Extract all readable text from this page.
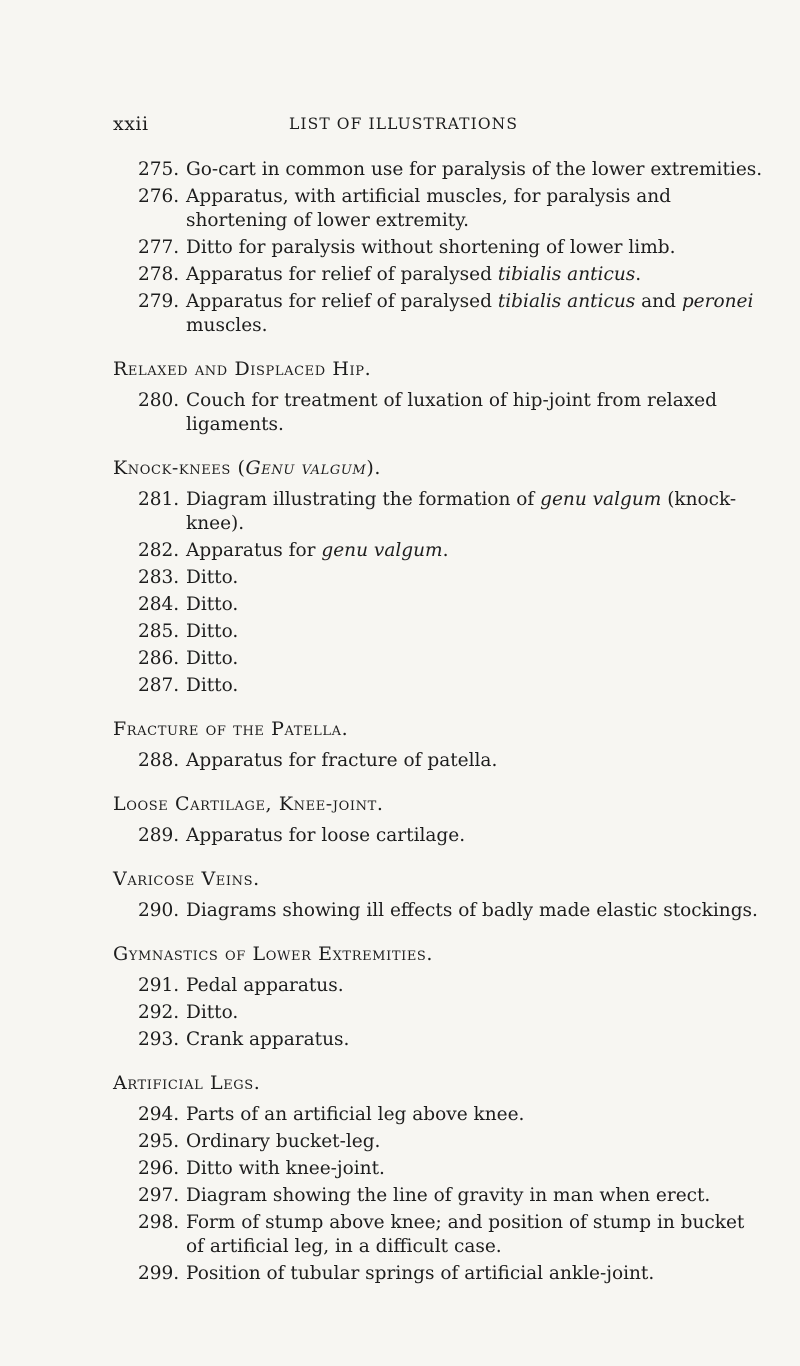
xxii	LIST OF ILLUSTRATIONS
275. Go-cart in common use for paralysis of the lower extremities.
276. Apparatus, with artificial muscles, for paralysis and shortening of lower extremity.
277. Ditto for paralysis without shortening of lower limb.
278. Apparatus for relief of paralysed tibialis anticus.
279. Apparatus for relief of paralysed tibialis anticus and peronei muscles.
Relaxed and Displaced Hip.
280. Couch for treatment of luxation of hip-joint from relaxed ligaments.
Knock-knees (Genu valgum).
281. Diagram illustrating the formation of genu valgum (knock-knee).
282. Apparatus for genu valgum.
283. Ditto.
284. Ditto.
285. Ditto.
286. Ditto.
287. Ditto.
Fracture of the Patella.
288. Apparatus for fracture of patella.
Loose Cartilage, Knee-joint.
289. Apparatus for loose cartilage.
Varicose Veins.
290. Diagrams showing ill effects of badly made elastic stockings.
Gymnastics of Lower Extremities.
291. Pedal apparatus.
292. Ditto.
293. Crank apparatus.
Artificial Legs.
294. Parts of an artificial leg above knee.
295. Ordinary bucket-leg.
296. Ditto with knee-joint.
297. Diagram showing the line of gravity in man when erect.
298. Form of stump above knee; and position of stump in bucket of artificial leg, in a difficult case.
299. Position of tubular springs of artificial ankle-joint.
